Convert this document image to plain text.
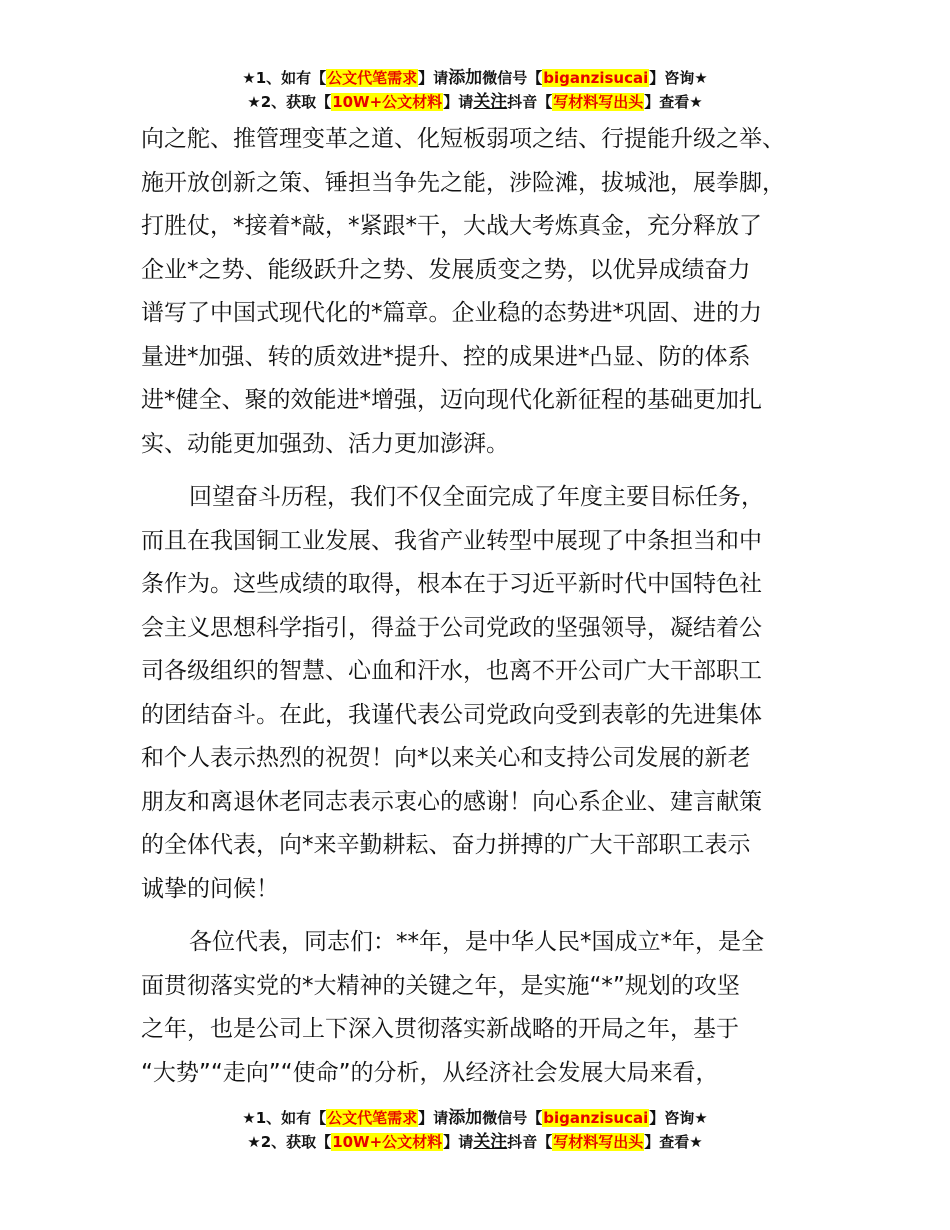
★1、如有【公文代笔需求】请添加微信号【biganzisucai】咨询★
★2、获取【10W+公文材料】请关注抖音【写材料写出头】查看★
向之舵、推管理变革之道、化短板弱项之结、行提能升级之举、
施开放创新之策、锤担当争先之能，涉险滩，拔城池，展拳脚，
打胜仗，*接着*敲，*紧跟*干，大战大考炼真金，充分释放了
企业*之势、能级跃升之势、发展质变之势，以优异成绩奋力
谱写了中国式现代化的*篇章。企业稳的态势进*巩固、进的力
量进*加强、转的质效进*提升、控的成果进*凸显、防的体系
进*健全、聚的效能进*增强，迈向现代化新征程的基础更加扎
实、动能更加强劲、活力更加澎湃。
回望奋斗历程，我们不仅全面完成了年度主要目标任务，
而且在我国铜工业发展、我省产业转型中展现了中条担当和中
条作为。这些成绩的取得，根本在于习近平新时代中国特色社
会主义思想科学指引，得益于公司党政的坚强领导，凝结着公
司各级组织的智慧、心血和汗水，也离不开公司广大干部职工
的团结奋斗。在此，我谨代表公司党政向受到表彰的先进集体
和个人表示热烈的祝贺！向*以来关心和支持公司发展的新老
朋友和离退休老同志表示衷心的感谢！向心系企业、建言献策
的全体代表，向*来辛勤耕耘、奋力拼搏的广大干部职工表示
诚挚的问候！
各位代表，同志们：**年，是中华人民*国成立*年，是全
面贯彻落实党的*大精神的关键之年，是实施“*”规划的攻坚
之年，也是公司上下深入贯彻落实新战略的开局之年，基于
“大势”“走向”“使命”的分析，从经济社会发展大局来看，
★1、如有【公文代笔需求】请添加微信号【biganzisucai】咨询★
★2、获取【10W+公文材料】请关注抖音【写材料写出头】查看★
